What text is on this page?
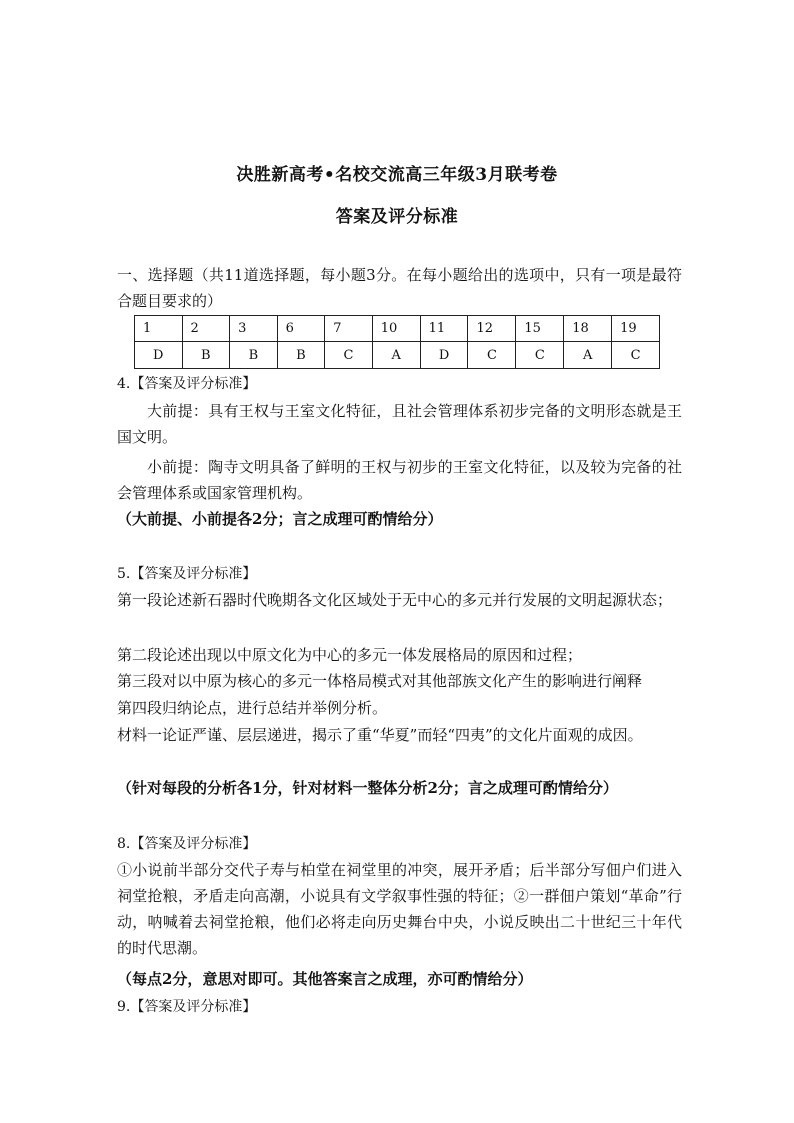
决胜新高考•名校交流高三年级3月联考卷
答案及评分标准

一、选择题（共11道选择题，每小题3分。在每小题给出的选项中，只有一项是最符合题目要求的）

1	2	3	6	7	10	11	12	15	18	19
D	B	B	B	C	A	D	C	C	A	C

4.【答案及评分标准】

大前提：具有王权与王室文化特征，且社会管理体系初步完备的文明形态就是王国文明。

小前提：陶寺文明具备了鲜明的王权与初步的王室文化特征，以及较为完备的社会管理体系或国家管理机构。

（大前提、小前提各2分；言之成理可酌情给分）

5.【答案及评分标准】

第一段论述新石器时代晚期各文化区域处于无中心的多元并行发展的文明起源状态；

第二段论述出现以中原文化为中心的多元一体发展格局的原因和过程；

第三段对以中原为核心的多元一体格局模式对其他部族文化产生的影响进行阐释

第四段归纳论点，进行总结并举例分析。

材料一论证严谨、层层递进，揭示了重“华夏”而轻“四夷”的文化片面观的成因。

（针对每段的分析各1分，针对材料一整体分析2分；言之成理可酌情给分）

8.【答案及评分标准】

①小说前半部分交代子寿与柏堂在祠堂里的冲突，展开矛盾；后半部分写佃户们进入祠堂抢粮，矛盾走向高潮，小说具有文学叙事性强的特征；②一群佃户策划“革命”行动，呐喊着去祠堂抢粮，他们必将走向历史舞台中央，小说反映出二十世纪三十年代的时代思潮。

（每点2分，意思对即可。其他答案言之成理，亦可酌情给分）

9.【答案及评分标准】
